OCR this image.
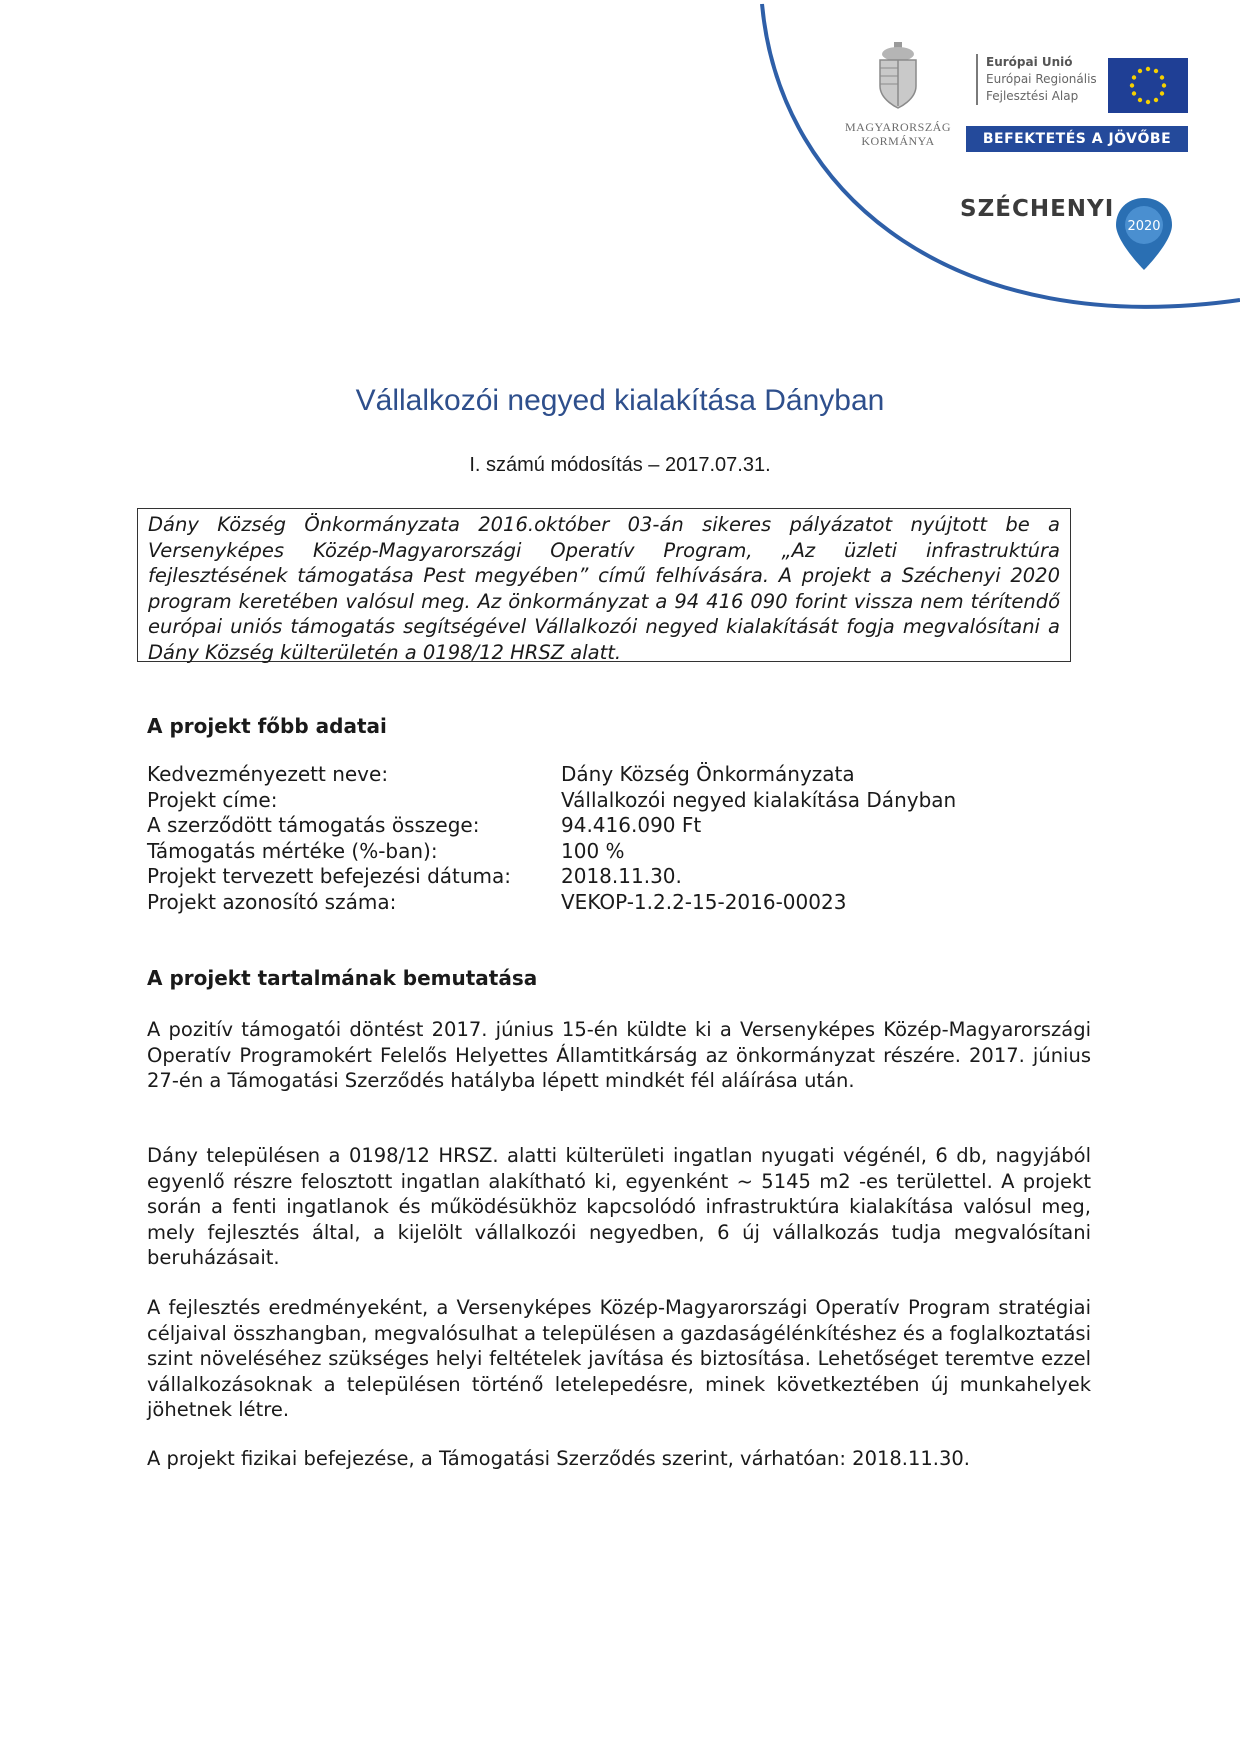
MAGYARORSZÁG
KORMÁNYA
Európai Unió
Európai Regionális
Fejlesztési Alap
BEFEKTETÉS A JÖVŐBE
SZÉCHENYI
2020
Vállalkozói negyed kialakítása Dányban
I. számú módosítás – 2017.07.31.

Dány Község Önkormányzata 2016.október 03-án sikeres pályázatot nyújtott be a Versenyképes Közép-Magyarországi Operatív Program, „Az üzleti infrastruktúra fejlesztésének támogatása Pest megyében” című felhívására. A projekt a Széchenyi 2020 program keretében valósul meg. Az önkormányzat a 94 416 090 forint vissza nem térítendő európai uniós támogatás segítségével Vállalkozói negyed kialakítását fogja megvalósítani a Dány Község külterületén a 0198/12 HRSZ alatt.

A projekt főbb adatai
Kedvezményezett neve:	Dány Község Önkormányzata
Projekt címe:	Vállalkozói negyed kialakítása Dányban
A szerződött támogatás összege:	94.416.090 Ft
Támogatás mértéke (%-ban):	100 %
Projekt tervezett befejezési dátuma:	2018.11.30.
Projekt azonosító száma:	VEKOP-1.2.2-15-2016-00023
A projekt tartalmának bemutatása

A pozitív támogatói döntést 2017. június 15-én küldte ki a Versenyképes Közép-Magyarországi Operatív Programokért Felelős Helyettes Államtitkárság az önkormányzat részére. 2017. június 27-én a Támogatási Szerződés hatályba lépett mindkét fél aláírása után.

Dány településen a 0198/12 HRSZ. alatti külterületi ingatlan nyugati végénél, 6 db, nagyjából egyenlő részre felosztott ingatlan alakítható ki, egyenként ~ 5145 m2 -es területtel. A projekt során a fenti ingatlanok és működésükhöz kapcsolódó infrastruktúra kialakítása valósul meg, mely fejlesztés által, a kijelölt vállalkozói negyedben, 6 új vállalkozás tudja megvalósítani beruházásait.

A fejlesztés eredményeként, a Versenyképes Közép-Magyarországi Operatív Program stratégiai céljaival összhangban, megvalósulhat a településen a gazdaságélénkítéshez és a foglalkoztatási szint növeléséhez szükséges helyi feltételek javítása és biztosítása. Lehetőséget teremtve ezzel vállalkozásoknak a településen történő letelepedésre, minek következtében új munkahelyek jöhetnek létre.

A projekt fizikai befejezése, a Támogatási Szerződés szerint, várhatóan: 2018.11.30.
